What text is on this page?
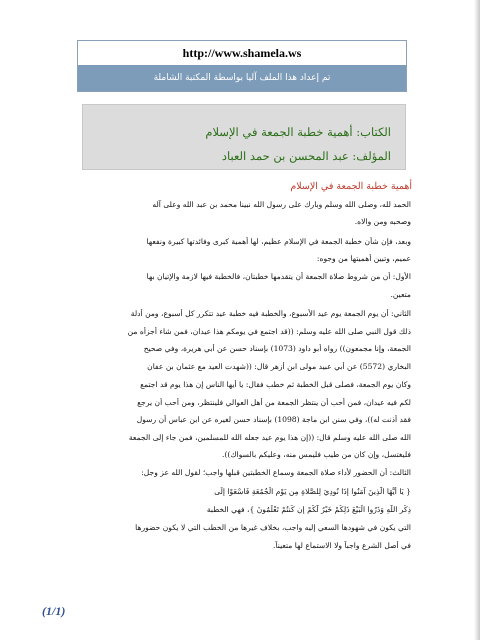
http://www.shamela.ws
تم إعداد هذا الملف آليا بواسطة المكتبة الشاملة
الكتاب: أهمية خطبة الجمعة في الإسلام
المؤلف: عبد المحسن بن حمد العباد
أهمية خطبة الجمعة في الإسلام
الحمد لله، وصلى الله وسلم وبارك على رسول الله نبينا محمد بن عبد الله وعلى آله
وصحبه ومن والاه.
وبعد، فإن شأن خطبة الجمعة في الإسلام عظيم، لها أهمية كبرى وفائدتها كبيرة ونفعها
عميم، وتبين أهميتها من وجوه:
الأول: أن من شروط صلاة الجمعة أن يتقدمها خطبتان، فالخطبة فيها لازمة والإتيان بها
متعين.
الثاني: أن يوم الجمعة يوم عيد الأسبوع، والخطبة فيه خطبة عيد تتكرر كل أسبوع، ومن أدلة
ذلك قول النبي صلى الله عليه وسلم: ((قد اجتمع في يومكم هذا عيدان، فمن شاء أجزأه من
الجمعة، وإنا مجمعون)) رواه أبو داود (1073) بإسناد حسن عن أبي هريرة، وفي صحيح
البخاري (5572) عن أبي عبيد مولى ابن أزهر قال: ((شهدت العيد مع عثمان بن عفان
وكان يوم الجمعة، فصلى قبل الخطبة ثم خطب فقال: يا أيها الناس إن هذا يوم قد اجتمع
لكم فيه عيدان، فمن أحب أن ينتظر الجمعة من أهل العوالي فلينتظر، ومن أحب أن يرجع
فقد أذنت له))، وفي سنن ابن ماجة (1098) بإسناد حسن لغيره عن ابن عباس أن رسول
الله صلى الله عليه وسلم قال: ((إن هذا يوم عيد جعله الله للمسلمين، فمن جاء إلى الجمعة
فليغتسل، وإن كان من طيب فليمس منه، وعليكم بالسواك)).
الثالث: أن الحضور لأداء صلاة الجمعة وسماع الخطبتين قبلها واجب؛ لقول الله عز وجل:
{ يَا أَيُّهَا الَّذِينَ آمَنُوا إِذَا نُودِيَ لِلصَّلاةِ مِن يَوْمِ الْجُمُعَةِ فَاسْعَوْا إِلَى
ذِكْرِ اللَّهِ وَذَرُوا الْبَيْعَ ذَلِكُمْ خَيْرٌ لَّكُمْ إِن كُنتُمْ تَعْلَمُونَ }، فهي الخطبة
التي يكون في شهودها السعي إليه واجب، بخلاف غيرها من الخطب التي لا يكون حضورها
في أصل الشرع واجباً ولا الاستماع لها متعيناً.
(1/1)
